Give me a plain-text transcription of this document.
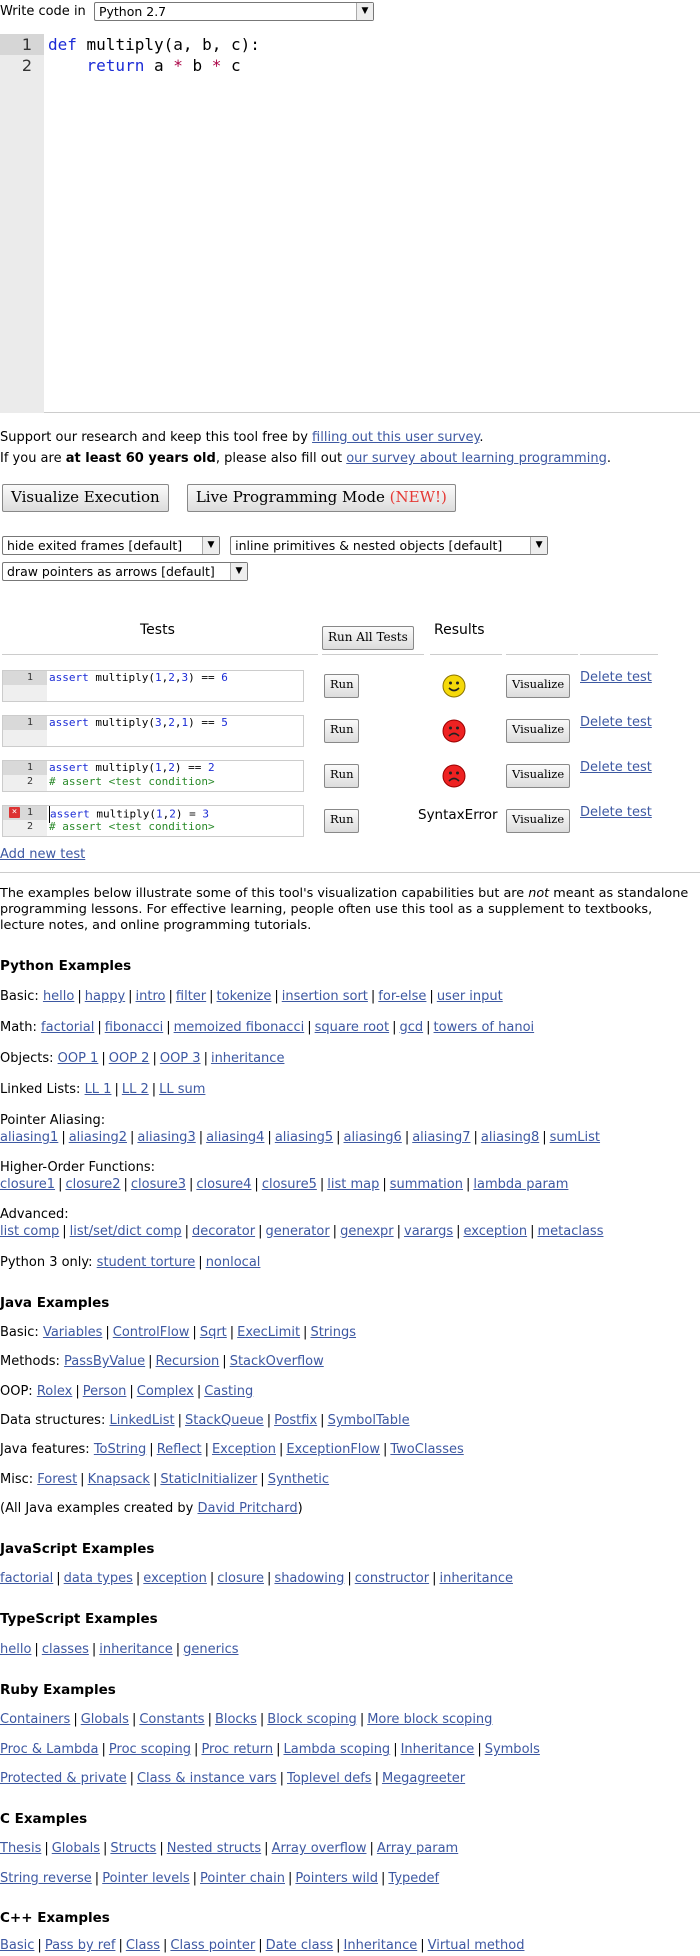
Write code in Python 2.7	▼
1
2
def multiply(a, b, c):
return a * b * c
Support our research and keep this tool free by filling out this user survey.
If you are at least 60 years old, please also fill out our survey about learning programming.
Visualize Execution Live Programming Mode (NEW!)
hide exited frames [default]	▼	inline primitives & nested objects [default]	▼
draw pointers as arrows [default]	▼
Tests	Run All Tests	Results
1	assert multiply(1,2,3) == 6	Run	Visualize	Delete test
1	assert multiply(3,2,1) == 5	Run	Visualize	Delete test
1
2
assert multiply(1,2) == 2
# assert <test condition>
Run	Visualize	Delete test
× 1
2
assert multiply(1,2) = 3
# assert <test condition>
Run	SyntaxError	Visualize	Delete test
Add new test
The examples below illustrate some of this tool's visualization capabilities but are not meant as standalone programming lessons. For effective learning, people often use this tool as a supplement to textbooks, lecture notes, and online programming tutorials.
Python Examples
Basic: hello | happy | intro | filter | tokenize | insertion sort | for-else | user input
Math: factorial | fibonacci | memoized fibonacci | square root | gcd | towers of hanoi
Objects: OOP 1 | OOP 2 | OOP 3 | inheritance
Linked Lists: LL 1 | LL 2 | LL sum
Pointer Aliasing:
aliasing1 | aliasing2 | aliasing3 | aliasing4 | aliasing5 | aliasing6 | aliasing7 | aliasing8 | sumList
Higher-Order Functions:
closure1 | closure2 | closure3 | closure4 | closure5 | list map | summation | lambda param
Advanced:
list comp | list/set/dict comp | decorator | generator | genexpr | varargs | exception | metaclass
Python 3 only: student torture | nonlocal
Java Examples
Basic: Variables | ControlFlow | Sqrt | ExecLimit | Strings
Methods: PassByValue | Recursion | StackOverflow
OOP: Rolex | Person | Complex | Casting
Data structures: LinkedList | StackQueue | Postfix | SymbolTable
Java features: ToString | Reflect | Exception | ExceptionFlow | TwoClasses
Misc: Forest | Knapsack | StaticInitializer | Synthetic
(All Java examples created by David Pritchard)
JavaScript Examples
factorial | data types | exception | closure | shadowing | constructor | inheritance
TypeScript Examples
hello | classes | inheritance | generics
Ruby Examples
Containers | Globals | Constants | Blocks | Block scoping | More block scoping
Proc & Lambda | Proc scoping | Proc return | Lambda scoping | Inheritance | Symbols
Protected & private | Class & instance vars | Toplevel defs | Megagreeter
C Examples
Thesis | Globals | Structs | Nested structs | Array overflow | Array param
String reverse | Pointer levels | Pointer chain | Pointers wild | Typedef
C++ Examples
Basic | Pass by ref | Class | Class pointer | Date class | Inheritance | Virtual method
